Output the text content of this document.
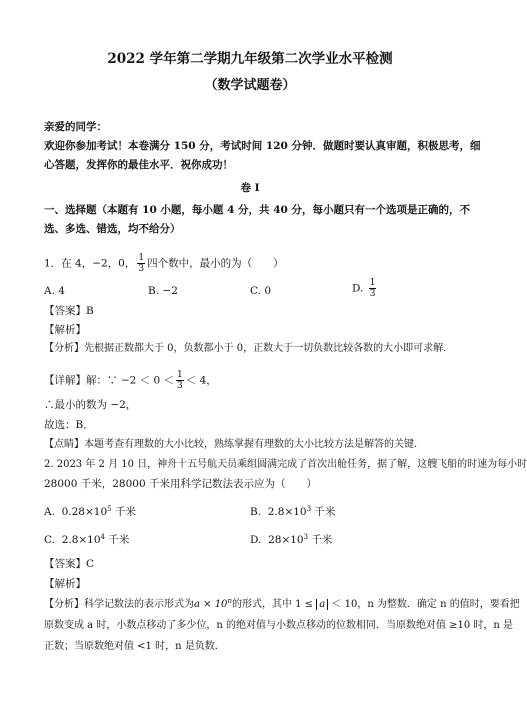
2022 学年第二学期九年级第二次学业水平检测
（数学试题卷）
亲爱的同学：
欢迎你参加考试！本卷满分 150 分，考试时间 120 分钟．做题时要认真审题，积极思考，细
心答题，发挥你的最佳水平．祝你成功！
卷 Ⅰ
一、选择题（本题有 10 小题，每小题 4 分，共 40 分，每小题只有一个选项是正确的，不
选、多选、错选，均不给分）
1．在 4，−2，0， $\frac{1}{3}$ 四个数中，最小的为（　　）
A. 4	B. −2	C. 0	D. $\frac{1}{3}$
【答案】B
【解析】
【分析】先根据正数都大于 0，负数都小于 0，正数大于一切负数比较各数的大小即可求解．
【详解】解：∵ $-2 < 0 < \frac{1}{3} < 4$，
∴最小的数为 −2，
故选：B．
【点睛】本题考查有理数的大小比较，熟练掌握有理数的大小比较方法是解答的关键．
2. 2023 年 2 月 10 日，神舟十五号航天员乘组圆满完成了首次出舱任务，据了解，这艘飞船的时速为每小时
28000 千米，28000 千米用科学记数法表示应为（　　）
A. $0.28\times 10^5$ 千米	B. $2.8\times 10^3$ 千米
C. $2.8\times 10^4$ 千米	D. $28\times 10^3$ 千米
【答案】C
【解析】
【分析】科学记数法的表示形式为$a \times 10^n$的形式，其中 1 ≤ a ＜ 10，n 为整数．确定 n 的值时，要看把
原数变成 a 时，小数点移动了多少位，n 的绝对值与小数点移动的位数相同．当原数绝对值 ≥10 时，n 是
正数；当原数绝对值 <1 时，n 是负数．
